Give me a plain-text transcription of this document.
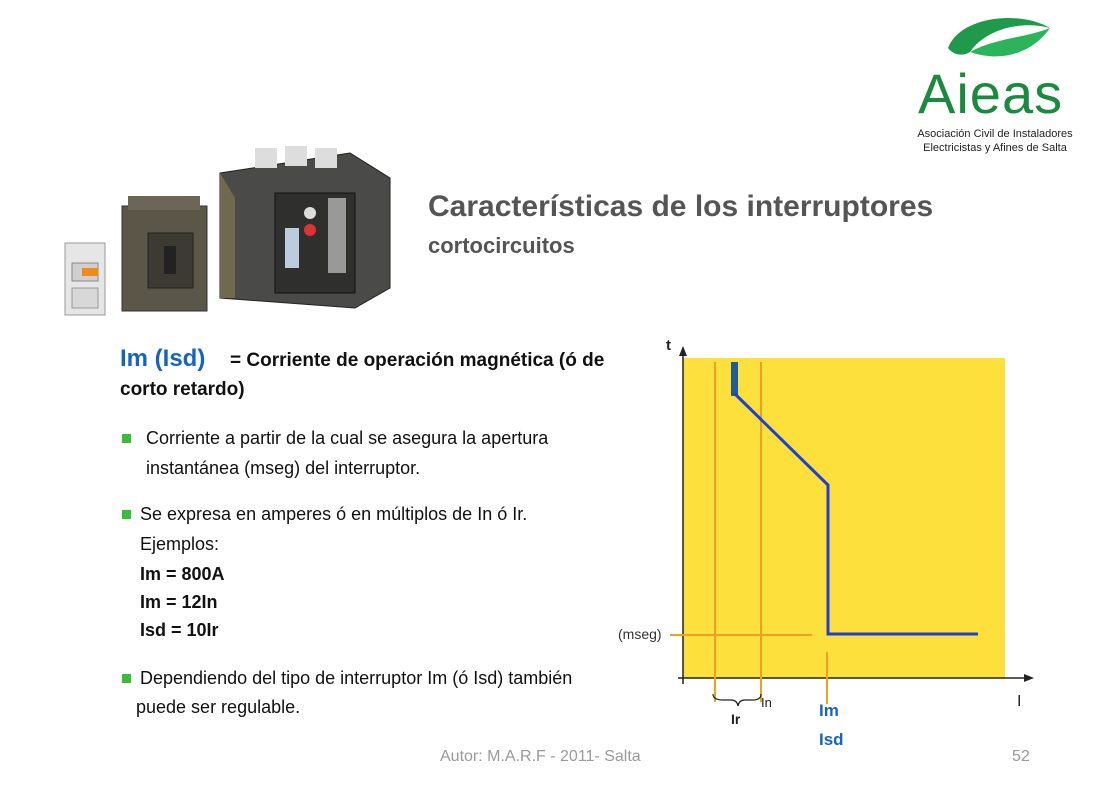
Aieas
Asociación Civil de Instaladores
Electricistas y Afines de Salta
Características de los interruptores
cortocircuitos
Im (Isd) = Corriente de operación magnética (ó de
corto retardo)
Corriente a partir de la cual se asegura la apertura
instantánea (mseg) del interruptor.
Se expresa en amperes ó en múltiplos de In ó Ir.
Ejemplos:
Im = 800A
Im = 12In
Isd = 10Ir
Dependiendo del tipo de interruptor Im (ó Isd) también
puede ser regulable.
t
I
(mseg)
Ir
In	Im
Isd
Autor: M.A.R.F - 2011- Salta	52
